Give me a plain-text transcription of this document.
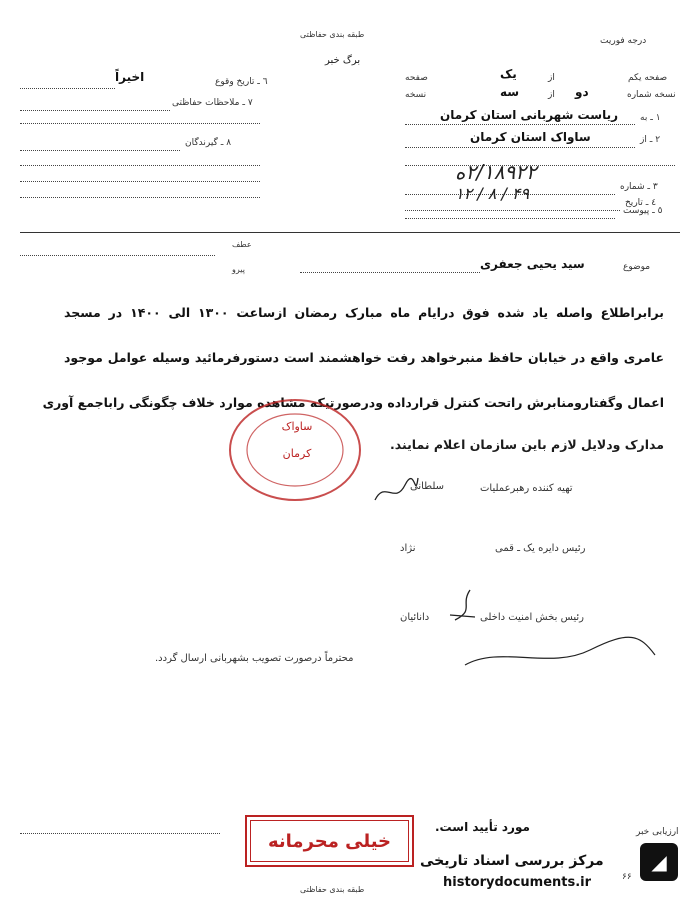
طبقه بندی حفاظتی
درجه فوریت
برگ خبر
٦ ـ تاریخ وقوع
اخیراً
٧ ـ ملاحظات حفاظتی
٨ ـ گیرندگان
صفحه یکم
از
یک
صفحه
نسخه شماره
دو
از
سه
نسخه
١ ـ به
ریاست شهربانی استان کرمان
٢ ـ از
ساواک استان کرمان
٣ ـ شماره
۲/۱۸۹۲۲ه
٤ ـ تاریخ
۱۲ / ۸ / ۴۹
٥ ـ پیوست
عطف
پیرو	موضوع
سید یحیی جعفری
برابراطلاع واصله یاد شده فوق درایام ماه مبارک رمضان ازساعت ۱۳۰۰ الی ۱۴۰۰ در مسجد
عامری واقع در خیابان حافظ منبرخواهد رفت خواهشمند است دستورفرمائید وسیله عوامل موجود
اعمال وگفتارومنابرش راتحت کنترل قرارداده ودرصورتیکه مشاهده موارد خلاف چگونگی راباجمع آوری
مدارک ودلایل لازم باین سازمان اعلام نمایند.
ساواک
کرمان
تهیه کننده رهبرعملیات
سلطانی
رئیس دایره یک ـ قمی
نژاد
رئیس بخش امنیت داخلی
دانائیان
محترماً درصورت تصویب بشهربانی ارسال گردد.
ارزیابی خبر
مورد تأیید است.
خیلی محرمانه
طبقه بندی حفاظتی
۶۶
مرکز بررسی اسناد تاریخی
historydocuments.ir
◢
